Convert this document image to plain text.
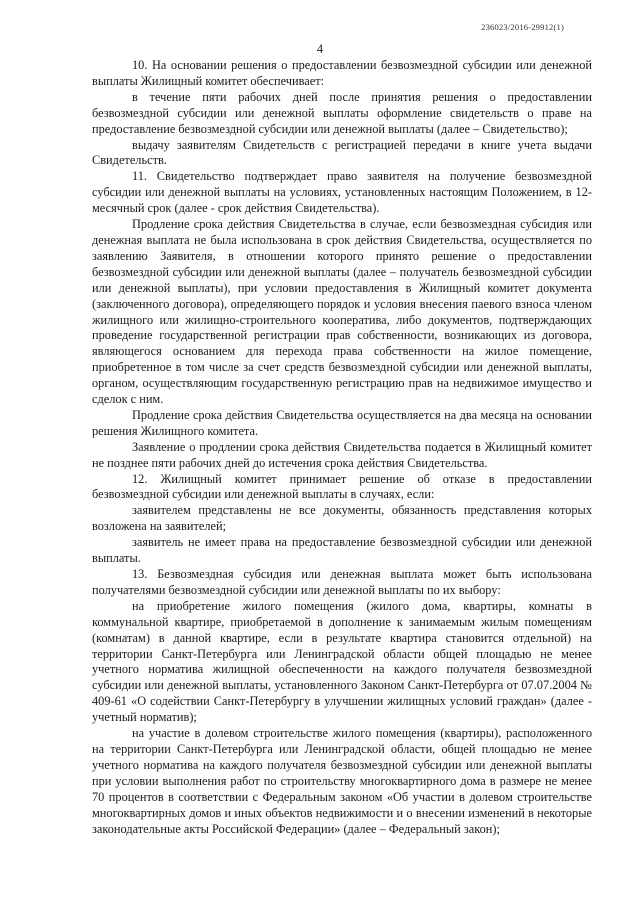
236023/2016-29912(1)
4

10. На основании решения о предоставлении безвозмездной субсидии или денежной выплаты Жилищный комитет обеспечивает:

в течение пяти рабочих дней после принятия решения о предоставлении безвозмездной субсидии или денежной выплаты оформление свидетельств о праве на предоставление безвозмездной субсидии или денежной выплаты (далее – Свидетельство);

выдачу заявителям Свидетельств с регистрацией передачи в книге учета выдачи Свидетельств.

11. Свидетельство подтверждает право заявителя на получение безвозмездной субсидии или денежной выплаты на условиях, установленных настоящим Положением, в 12-месячный срок (далее - срок действия Свидетельства).

Продление срока действия Свидетельства в случае, если безвозмездная субсидия или денежная выплата не была использована в срок действия Свидетельства, осуществляется по заявлению Заявителя, в отношении которого принято решение о предоставлении безвозмездной субсидии или денежной выплаты (далее – получатель безвозмездной субсидии или денежной выплаты), при условии предоставления в Жилищный комитет документа (заключенного договора), определяющего порядок и условия внесения паевого взноса членом жилищного или жилищно-строительного кооператива, либо документов, подтверждающих проведение государственной регистрации прав собственности, возникающих из договора, являющегося основанием для перехода права собственности на жилое помещение, приобретенное в том числе за счет средств безвозмездной субсидии или денежной выплаты, органом, осуществляющим государственную регистрацию прав на недвижимое имущество и сделок с ним.

Продление срока действия Свидетельства осуществляется на два месяца на основании решения Жилищного комитета.

Заявление о продлении срока действия Свидетельства подается в Жилищный комитет не позднее пяти рабочих дней до истечения срока действия Свидетельства.

12. Жилищный комитет принимает решение об отказе в предоставлении безвозмездной субсидии или денежной выплаты в случаях, если:

заявителем представлены не все документы, обязанность представления которых возложена на заявителей;

заявитель не имеет права на предоставление безвозмездной субсидии или денежной выплаты.

13. Безвозмездная субсидия или денежная выплата может быть использована получателями безвозмездной субсидии или денежной выплаты по их выбору:

на приобретение жилого помещения (жилого дома, квартиры, комнаты в коммунальной квартире, приобретаемой в дополнение к занимаемым жилым помещениям (комнатам) в данной квартире, если в результате квартира становится отдельной) на территории Санкт-Петербурга или Ленинградской области общей площадью не менее учетного норматива жилищной обеспеченности на каждого получателя безвозмездной субсидии или денежной выплаты, установленного Законом Санкт-Петербурга от 07.07.2004 № 409-61 «О содействии Санкт-Петербургу в улучшении жилищных условий граждан» (далее - учетный норматив);

на участие в долевом строительстве жилого помещения (квартиры), расположенного на территории Санкт-Петербурга или Ленинградской области, общей площадью не менее учетного норматива на каждого получателя безвозмездной субсидии или денежной выплаты при условии выполнения работ по строительству многоквартирного дома в размере не менее 70 процентов в соответствии с Федеральным законом «Об участии в долевом строительстве многоквартирных домов и иных объектов недвижимости и о внесении изменений в некоторые законодательные акты Российской Федерации» (далее – Федеральный закон);
